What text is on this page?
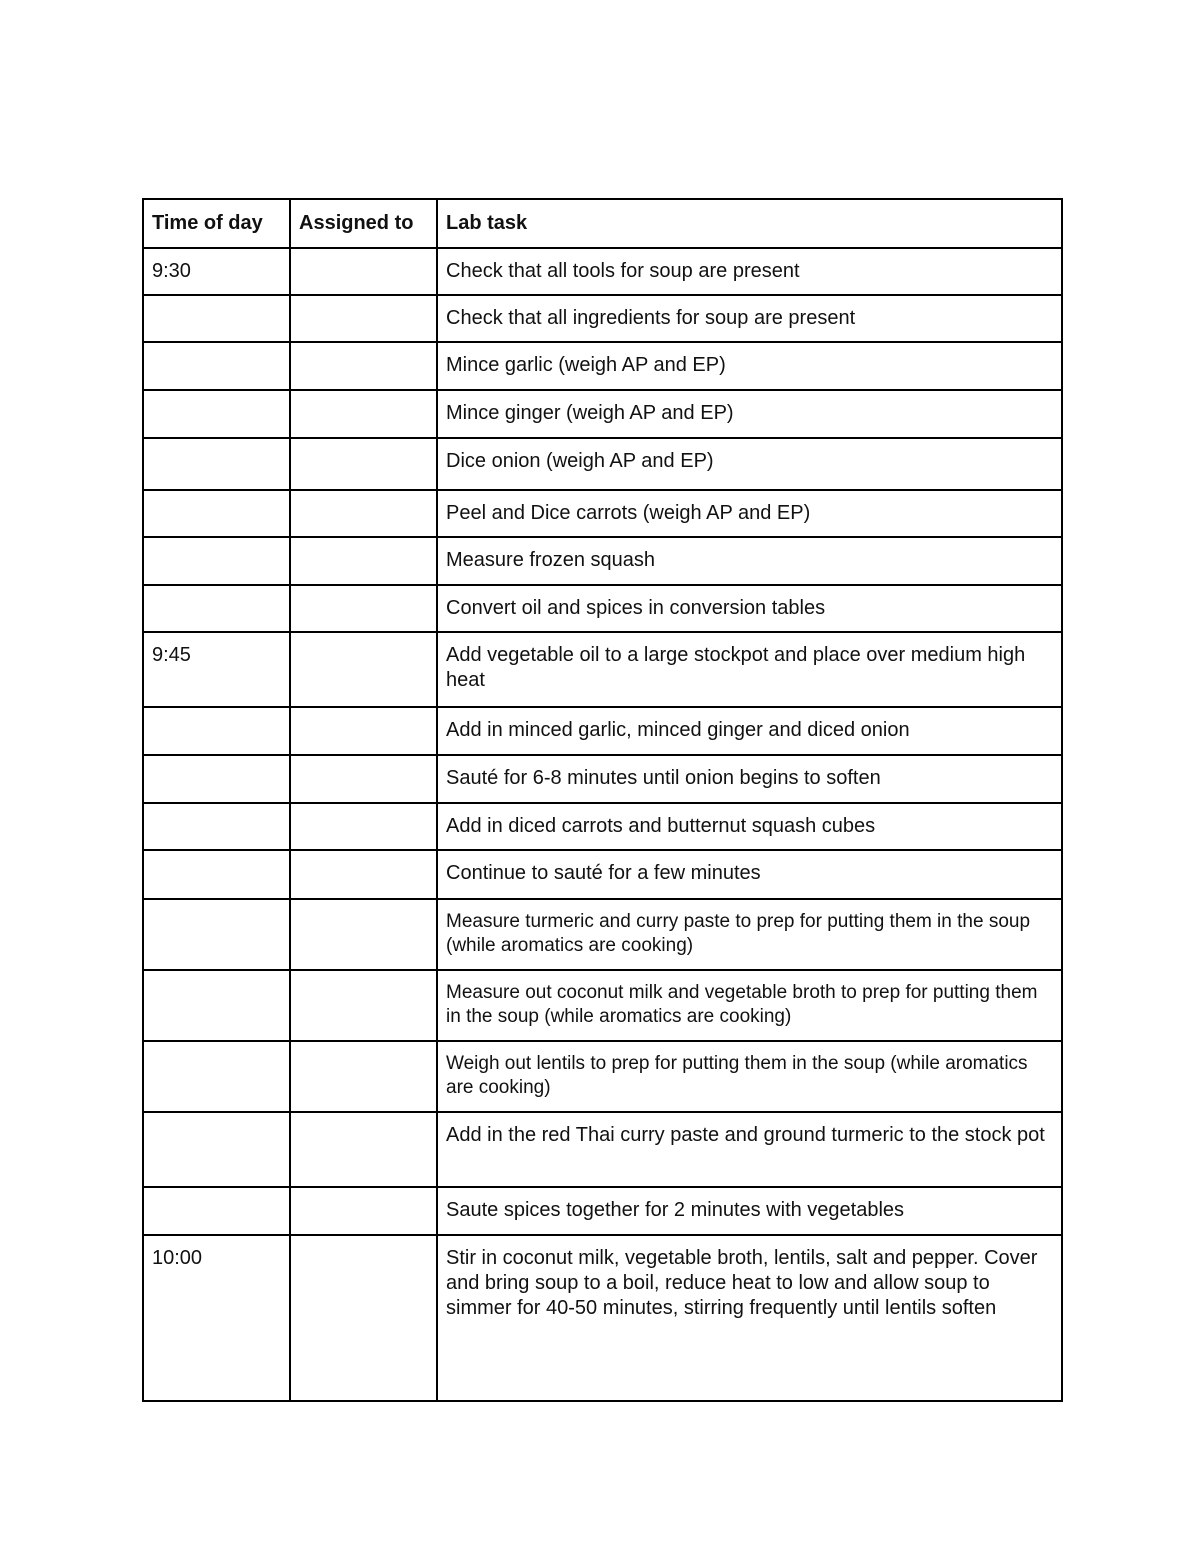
Time of day	Assigned to	Lab task
9:30		Check that all tools for soup are present
		Check that all ingredients for soup are present
		Mince garlic (weigh AP and EP)
		Mince ginger (weigh AP and EP)
		Dice onion (weigh AP and EP)
		Peel and Dice carrots (weigh AP and EP)
		Measure frozen squash
		Convert oil and spices in conversion tables
9:45		Add vegetable oil to a large stockpot and place over medium high heat
		Add in minced garlic, minced ginger and diced onion
		Sauté for 6-8 minutes until onion begins to soften
		Add in diced carrots and butternut squash cubes
		Continue to sauté for a few minutes
		Measure turmeric and curry paste to prep for putting them in the soup (while aromatics are cooking)
		Measure out coconut milk and vegetable broth to prep for putting them in the soup (while aromatics are cooking)
		Weigh out lentils to prep for putting them in the soup (while aromatics are cooking)
		Add in the red Thai curry paste and ground turmeric to the stock pot
		Saute spices together for 2 minutes with vegetables
10:00		Stir in coconut milk, vegetable broth, lentils, salt and pepper. Cover and bring soup to a boil, reduce heat to low and allow soup to simmer for 40-50 minutes, stirring frequently until lentils soften
